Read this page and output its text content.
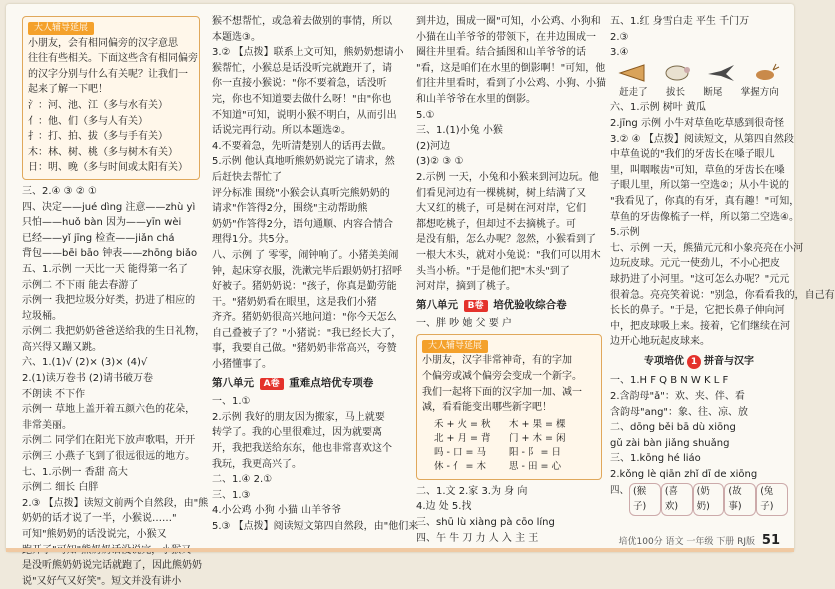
大人辅导延展
小朋友，会有相同偏旁的汉字意思
往往有些相关。下面这些含有相同偏旁
的汉字分别与什么有关呢？让我们一
起来了解一下吧！
氵：河、池、江（多与水有关）
亻：他、们（多与人有关）
扌：打、拍、拔（多与手有关）
木：林、树、桃（多与树木有关）
日：明、晚（多与时间或太阳有关）
三、2.④ ③ ② ①
四、决定——jué dìng 注意——zhù yì
只怕——huǒ bàn 因为——yīn wèi
已经——yǐ jīng 检查——jiǎn chá
背包——bēi bāo 钟表——zhōng biǎo
五、1.示例 一天比一天 能得第一名了
示例二 不下雨 能去春游了
示例一 我把垃圾分好类，扔进了相应的
垃圾桶。
示例二 我把奶奶爸爸送给我的生日礼物，
高兴得又蹦又跳。
六、1.(1)√ (2)× (3)× (4)√
2.(1)读万卷书 (2)请书破万卷
不朗读 不下作
示例一 草地上盖开着五颜六色的花朵，
非常美丽。
示例二 同学们在阳光下放声歌唱，开开
示例三 小燕子飞到了很远很远的地方。
七、1.示例一 香甜 高大
示例二 细长 白胖
2.③ 【点拨】读短文前两个自然段，由"熊
奶奶的话才说了一半，小猴说……"
可知"熊奶奶的话没说完，小猴又
是没听熊奶奶说完话就跑了，因此熊奶奶
说"又好气又好笑"。短文并没有讲小
猴不想帮忙，或急着去做别的事情，所以
本题选③。
3.② 【点拨】联系上文可知，熊奶奶想请小
猴帮忙，小猴总是话没听完就跑开了，请
你一直接小猴说："你不要着急，话没听
完，你也不知道要去做什么呀！"由"你也
不知道"可知，说明小猴不明白，从而引出
话说完再行动。所以本题选②。
4.不要着急，先听清楚别人的话再去做。
5.示例 他认真地听熊奶奶说完了请求，然
后赶快去帮忙了
评分标准 围绕"小猴会认真听完熊奶奶的
请求"作答得2分，围绕"主动帮助熊
奶奶"作答得2分，语句通顺、内容合情合
理得1分。共5分。
八、示例 了 零零，闹钟响了。小猪美美闹
钟，起床穿衣服，洗漱完毕后跟奶奶打招呼
好被子。猪奶奶说："孩子，你真是勤劳能
干。"猪奶奶看在眼里，这是我们小猪
齐齐。猪奶奶很高兴地问道："你今天怎么
自己叠被子了？"小猪说："我已经长大了，
事，我要自己做。"猪奶奶非常高兴，夸赞
小猪懂事了。
第八单元 A卷 重难点培优专项卷
一、1.①
2.示例 我好的朋友因为搬家，马上就要
转学了。我的心里很难过，因为就要离
开，我把我送给东东，他也非常喜欢这个
我玩，我更高兴了。
二、1.④ 2.①
三、1.③
4.小公鸡 小狗 小猫 山羊爷爷
5.③ 【点拨】阅读短文第四自然段，由"他们来
到井边，围成一圈"可知，小公鸡、小狗和
小猫在山羊爷爷的带领下，在井边围成一
圈往井里看。结合插图和山羊爷爷的话
"看，这是咱们在水里的倒影啊！"可知，他
们往井里看时，看到了小公鸡、小狗、小猫
和山羊爷爷在水里的倒影。
5.①
三、1.(1)小兔 小猴
(2)河边
(3)② ③ ①
2.示例 一天，小兔和小猴来到河边玩。他
们看见河边有一棵桃树，树上结满了又
大又红的桃子，可是树在河对岸，它们
都想吃桃子，但却过不去摘桃子。可
是没有船，怎么办呢？忽然，小猴看到了
一根大木头，就对小兔说："我们可以用木
头当小桥。"于是他们把"木头"到了
河对岸，摘到了桃子。
第八单元 B卷 培优验收综合卷
一、胖 吵 她 父 要 户
大人辅导延展
小朋友，汉字非常神奇，有的字加
个偏旁或减个偏旁会变成一个新字。
我们一起将下面的汉字加一加、减一
减，看看能变出哪些新字吧！
禾 + 火 = 秋	木 + 果 = 棵
北 + 月 = 背	门 + 木 = 闲
吗 - 口 = 马	阳 - 阝 = 日
休 - 亻 = 木	思 - 田 = 心
二、1.文 2.家 3.为 身 向
4.边 处 5.找
三、shū lù xiàng pà cōo líng
四、午 牛 刀 力 人 入 主 王
五、1.红 身雪白走 平生 千门万
2.③
3.④
赶走了 拔长 断尾 掌握方向
六、1.示例 树叶 黄瓜
2.jīng 示例 小牛对草鱼吃草感到很奇怪
3.② ④ 【点拨】阅读短文，从第四自然段
中草鱼说的"我们的牙齿长在嗓子眼儿
里，叫咽喉齿"可知，草鱼的牙齿长在嗓
子眼儿里，所以第一空选②；从小牛说的
"我看见了，你真的有牙，真有趣！"可知，
草鱼的牙齿像梳子一样，所以第二空选④。
5.示例
七、示例 一天，熊猫元元和小象亮亮在小河
边玩皮球。元元一使劲儿，不小心把皮
球扔进了小河里。"这可怎么办呢？"元元
很着急。亮亮笑着说："别急，你看看我的，自己有
长长的鼻子。"于是，它把长鼻子伸向河
中，把皮球吸上来。接着，它们继续在河
边开心地玩起皮球来。
专项培优 1 拼音与汉字
一、1.H F Q B N W K L F
2.含韵母"ǎ"：欢、夹、伴、看
含韵母"ang"：象、往、凉、放
二、dōng běi bā dù xiōng
gǔ zài bàn jiǎng shuǎng
三、1.kōng hé liáo
2.kǒng lè qiān zhǐ dī de xiōng
四、 (猴子)
(喜欢)
(奶奶)
(故事)
(兔子)
培优100分 语文 一年级 下册 RJ版 51
